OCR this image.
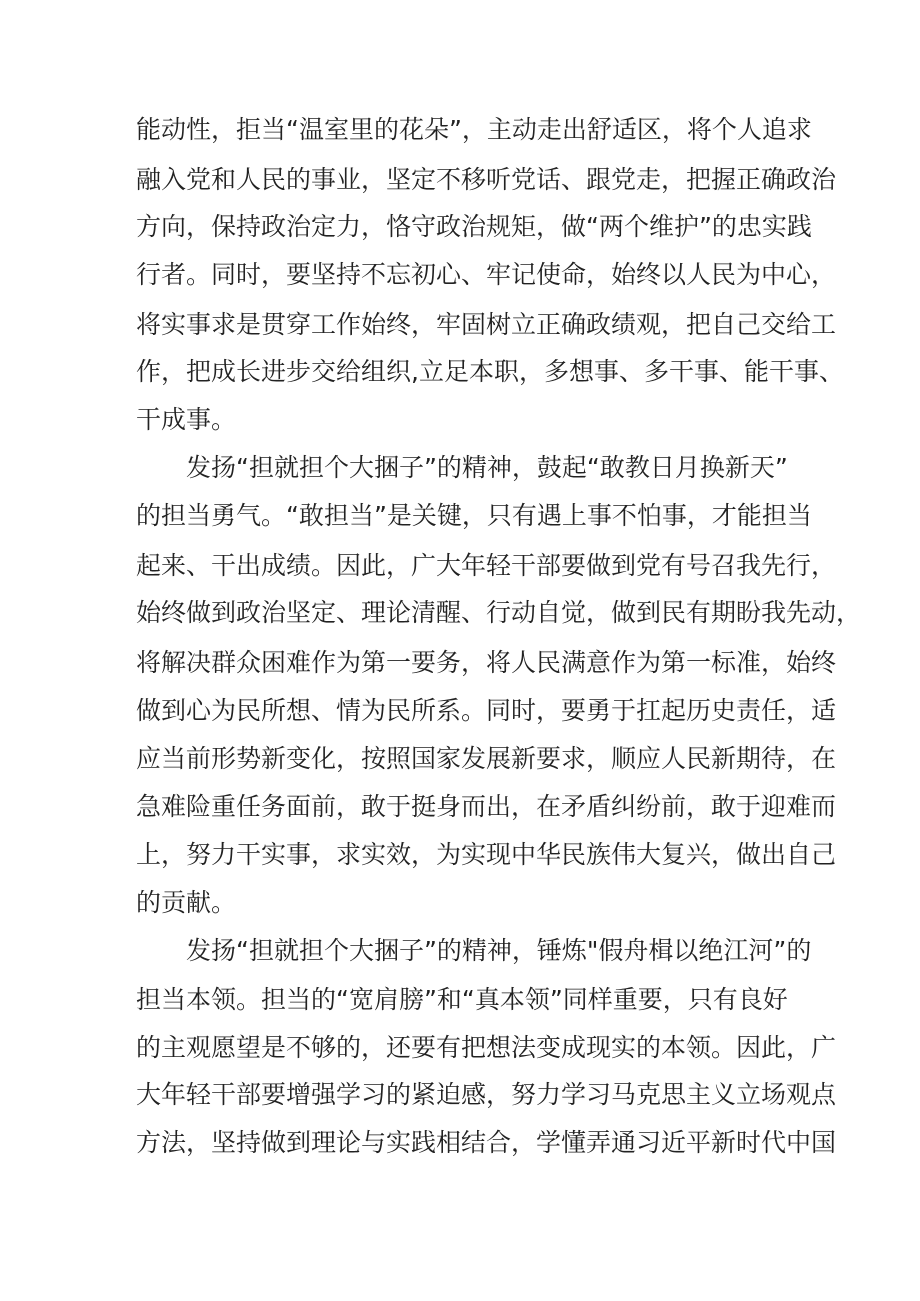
能动性，拒当“温室里的花朵”，主动走出舒适区，将个人追求
融入党和人民的事业，坚定不移听党话、跟党走，把握正确政治
方向，保持政治定力，恪守政治规矩，做“两个维护”的忠实践
行者。同时，要坚持不忘初心、牢记使命，始终以人民为中心，
将实事求是贯穿工作始终，牢固树立正确政绩观，把自己交给工
作，把成长进步交给组织,立足本职，多想事、多干事、能干事、
干成事。
发扬“担就担个大捆子”的精神，鼓起“敢教日月换新天”
的担当勇气。“敢担当”是关键，只有遇上事不怕事，才能担当
起来、干出成绩。因此，广大年轻干部要做到党有号召我先行，
始终做到政治坚定、理论清醒、行动自觉，做到民有期盼我先动，
将解决群众困难作为第一要务，将人民满意作为第一标准，始终
做到心为民所想、情为民所系。同时，要勇于扛起历史责任，适
应当前形势新变化，按照国家发展新要求，顺应人民新期待，在
急难险重任务面前，敢于挺身而出，在矛盾纠纷前，敢于迎难而
上，努力干实事，求实效，为实现中华民族伟大复兴，做出自己
的贡献。
发扬“担就担个大捆子”的精神，锤炼"假舟楫以绝江河”的
担当本领。担当的“宽肩膀”和“真本领”同样重要，只有良好
的主观愿望是不够的，还要有把想法变成现实的本领。因此，广
大年轻干部要增强学习的紧迫感，努力学习马克思主义立场观点
方法，坚持做到理论与实践相结合，学懂弄通习近平新时代中国
